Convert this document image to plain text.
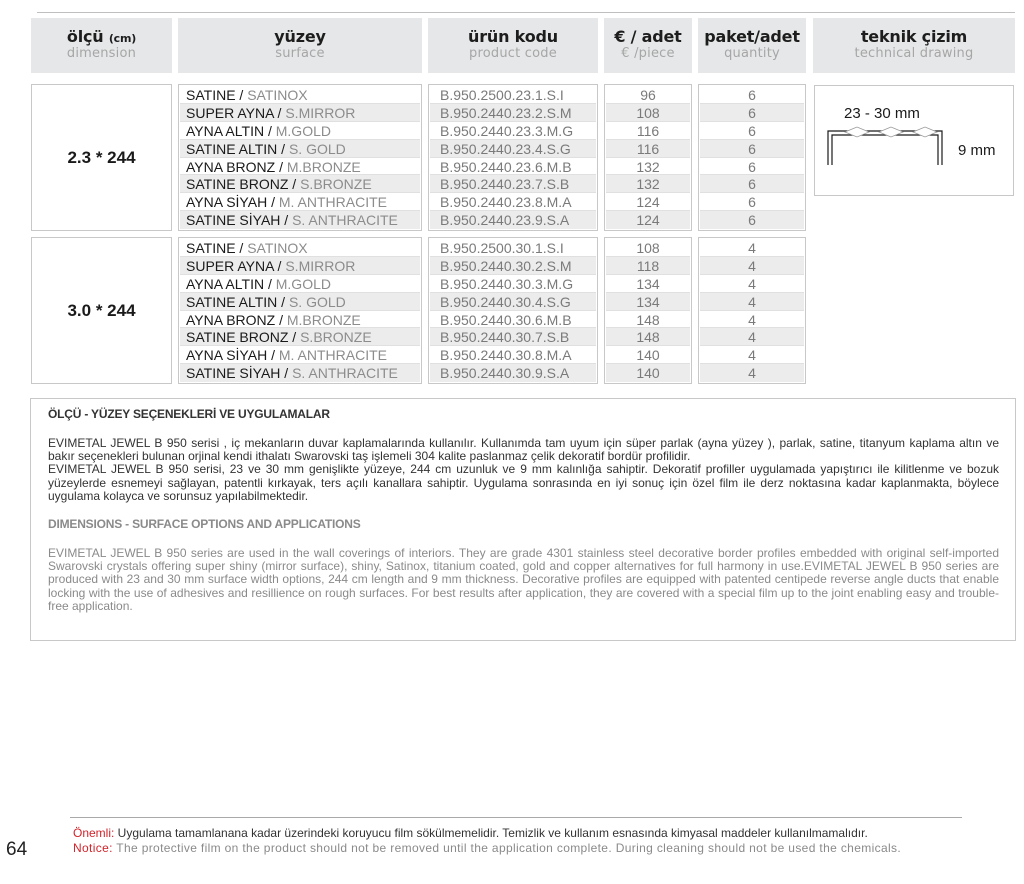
ölçü (cm)
dimension
yüzey
surface
ürün kodu
product code
€ / adet
€ /piece
paket/adet
quantity
teknik çizim
technical drawing
2.3 * 244
SATINE / SATINOX
SUPER AYNA / S.MIRROR
AYNA ALTIN / M.GOLD
SATINE ALTIN / S. GOLD
AYNA BRONZ / M.BRONZE
SATINE BRONZ / S.BRONZE
AYNA SİYAH / M. ANTHRACITE
SATINE SİYAH / S. ANTHRACITE
B.950.2500.23.1.S.I
B.950.2440.23.2.S.M
B.950.2440.23.3.M.G
B.950.2440.23.4.S.G
B.950.2440.23.6.M.B
B.950.2440.23.7.S.B
B.950.2440.23.8.M.A
B.950.2440.23.9.S.A
96
108
116
116
132
132
124
124
6
6
6
6
6
6
6
6
3.0 * 244
SATINE / SATINOX
SUPER AYNA / S.MIRROR
AYNA ALTIN / M.GOLD
SATINE ALTIN / S. GOLD
AYNA BRONZ / M.BRONZE
SATINE BRONZ / S.BRONZE
AYNA SİYAH / M. ANTHRACITE
SATINE SİYAH / S. ANTHRACITE
B.950.2500.30.1.S.I
B.950.2440.30.2.S.M
B.950.2440.30.3.M.G
B.950.2440.30.4.S.G
B.950.2440.30.6.M.B
B.950.2440.30.7.S.B
B.950.2440.30.8.M.A
B.950.2440.30.9.S.A
108
118
134
134
148
148
140
140
4
4
4
4
4
4
4
4
23 - 30 mm
9 mm
ÖLÇÜ - YÜZEY SEÇENEKLERİ VE UYGULAMALAR

EVIMETAL JEWEL B 950 serisi , iç mekanların duvar kaplamalarında kullanılır. Kullanımda tam uyum için süper parlak (ayna yüzey ), parlak, satine, titanyum kaplama altın ve bakır seçenekleri bulunan orjinal kendi ithalatı Swarovski taş işlemeli 304 kalite paslanmaz çelik dekoratif bordür profilidir.

EVIMETAL JEWEL B 950 serisi, 23 ve 30 mm genişlikte yüzeye, 244 cm uzunluk ve 9 mm kalınlığa sahiptir. Dekoratif profiller uygulamada yapıştırıcı ile kilitlenme ve bozuk yüzeylerde esnemeyi sağlayan, patentli kırkayak, ters açılı kanallara sahiptir. Uygulama sonrasında en iyi sonuç için özel film ile derz noktasına kadar kaplanmakta, böylece uygulama kolayca ve sorunsuz yapılabilmektedir.

DIMENSIONS - SURFACE OPTIONS AND APPLICATIONS

EVIMETAL JEWEL B 950 series are used in the wall coverings of interiors. They are grade 4301 stainless steel decorative border profiles embedded with original self-imported Swarovski crystals offering super shiny (mirror surface), shiny, Satinox, titanium coated, gold and copper alternatives for full harmony in use.EVIMETAL JEWEL B 950 series are produced with 23 and 30 mm surface width options, 244 cm length and 9 mm thickness. Decorative profiles are equipped with patented centipede reverse angle ducts that enable locking with the use of adhesives and resillience on rough surfaces. For best results after application, they are covered with a special film up to the joint enabling easy and trouble-free application.

64
Önemli: Uygulama tamamlanana kadar üzerindeki koruyucu film sökülmemelidir. Temizlik ve kullanım esnasında kimyasal maddeler kullanılmamalıdır.
Notice: The protective film on the product should not be removed until the application complete. During cleaning should not be used the chemicals.
